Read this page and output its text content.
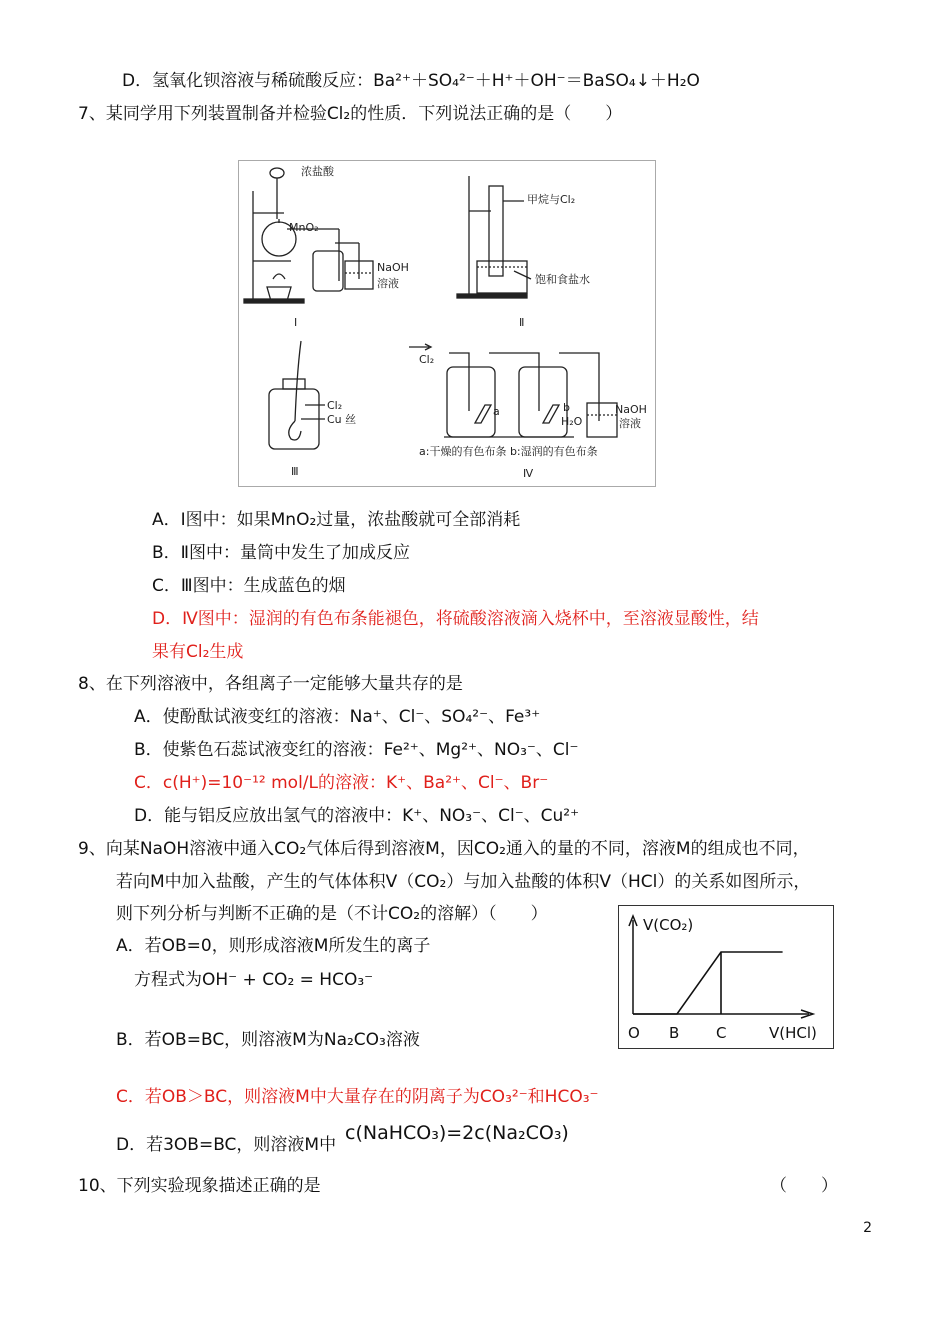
D．氢氧化钡溶液与稀硫酸反应：Ba²⁺＋SO₄²⁻＋H⁺＋OH⁻＝BaSO₄↓＋H₂O
7、某同学用下列装置制备并检验Cl₂的性质．下列说法正确的是（　　）
浓盐酸
MnO₂
NaOH
溶液
Ⅰ
甲烷与Cl₂
饱和食盐水
Ⅱ
Cl₂
Cu 丝
Ⅲ
Cl₂
a	b
H₂O
NaOH
溶液
a:干燥的有色布条 b:湿润的有色布条
Ⅳ
A．Ⅰ图中：如果MnO₂过量，浓盐酸就可全部消耗
B．Ⅱ图中：量筒中发生了加成反应
C．Ⅲ图中：生成蓝色的烟
D．Ⅳ图中：湿润的有色布条能褪色，将硫酸溶液滴入烧杯中，至溶液显酸性，结
果有Cl₂生成
8、在下列溶液中，各组离子一定能够大量共存的是
A．使酚酞试液变红的溶液：Na⁺、Cl⁻、SO₄²⁻、Fe³⁺
B．使紫色石蕊试液变红的溶液：Fe²⁺、Mg²⁺、NO₃⁻、Cl⁻
C．c(H⁺)=10⁻¹² mol/L的溶液：K⁺、Ba²⁺、Cl⁻、Br⁻
D．能与铝反应放出氢气的溶液中：K⁺、NO₃⁻、Cl⁻、Cu²⁺
9、向某NaOH溶液中通入CO₂气体后得到溶液M，因CO₂通入的量的不同，溶液M的组成也不同，
若向M中加入盐酸，产生的气体体积V（CO₂）与加入盐酸的体积V（HCl）的关系如图所示，
则下列分析与判断不正确的是（不计CO₂的溶解）（　　）
A．若OB=0，则形成溶液M所发生的离子
方程式为OH⁻ + CO₂ = HCO₃⁻
B．若OB=BC，则溶液M为Na₂CO₃溶液
C．若OB＞BC，则溶液M中大量存在的阴离子为CO₃²⁻和HCO₃⁻
D．若3OB=BC，则溶液M中
c(NaHCO₃)=2c(Na₂CO₃)
V(CO₂)
V(HCl)
O B C
10、下列实验现象描述正确的是	（　　）
2
